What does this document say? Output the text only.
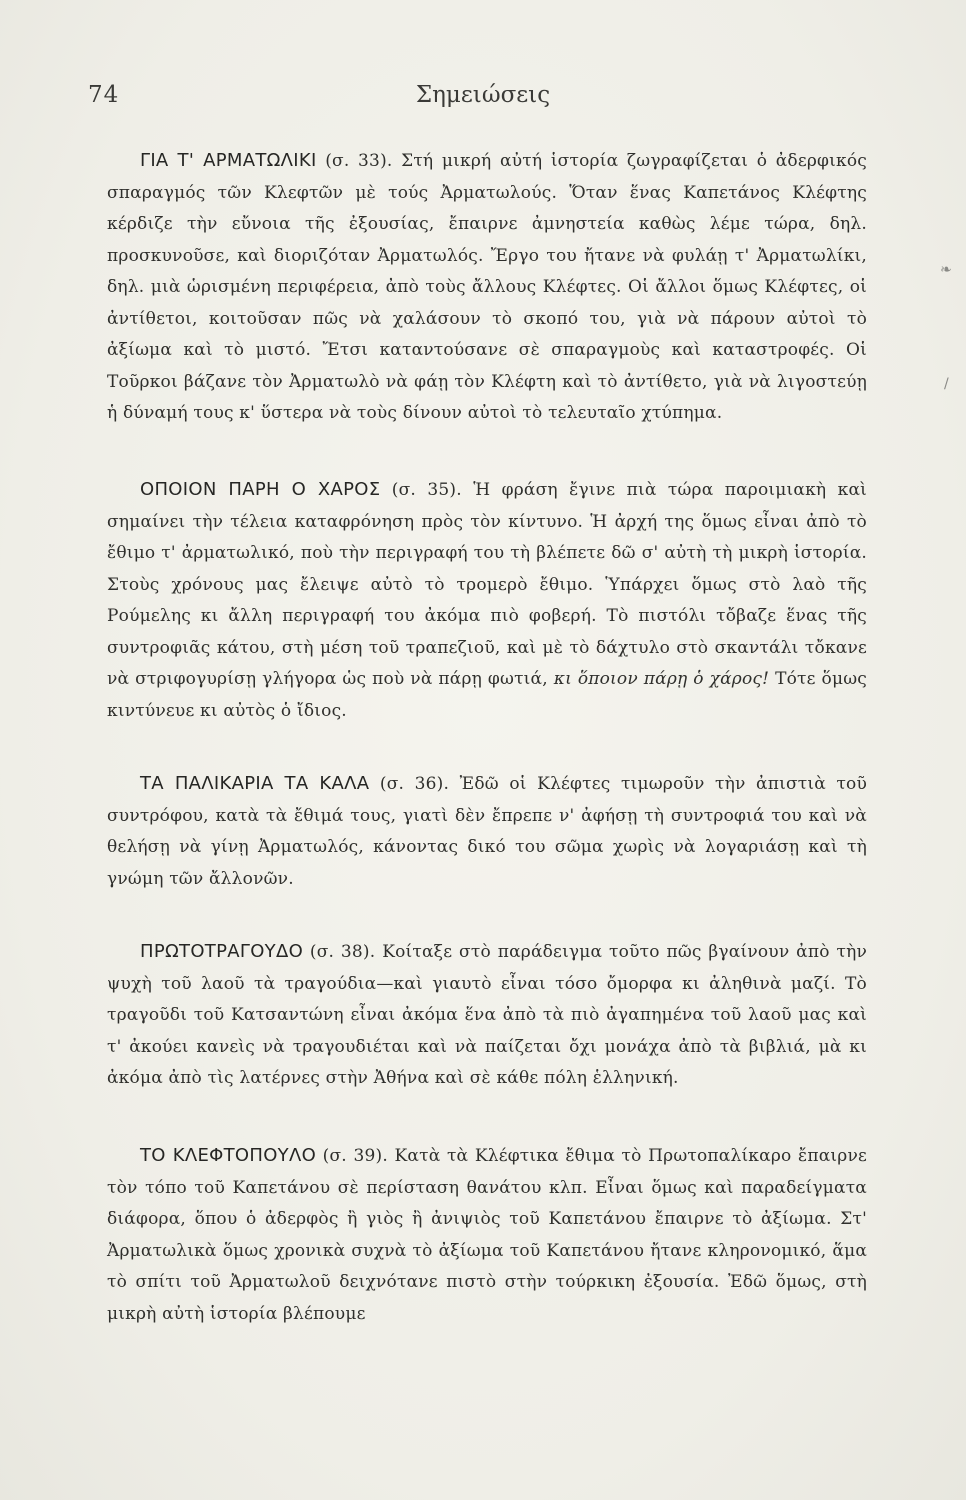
74	Σημειώσεις

ΓΙΑ Τ' ΑΡΜΑΤΩΛΙΚΙ (σ. 33). Στή μικρή αὐτή ἱστορία ζωγραφίζεται ὁ ἀδερφικός σπαραγμός τῶν Κλεφτῶν μὲ τούς Ἀρματωλούς. Ὅταν ἕνας Καπετάνος Κλέφτης κέρδιζε τὴν εὔνοια τῆς ἐξουσίας, ἔπαιρνε ἀμνηστεία καθὼς λέμε τώρα, δηλ. προσκυνοῦσε, καὶ διοριζόταν Ἀρματωλός. Ἔργο του ἤτανε νὰ φυλάῃ τ' Ἀρματωλίκι, δηλ. μιὰ ὡρισμένη περιφέρεια, ἀπὸ τοὺς ἄλλους Κλέφτες. Οἱ ἄλλοι ὅμως Κλέφτες, οἱ ἀντίθετοι, κοιτοῦσαν πῶς νὰ χαλάσουν τὸ σκοπό του, γιὰ νὰ πάρουν αὐτοὶ τὸ ἀξίωμα καὶ τὸ μιστό. Ἔτσι καταντούσανε σὲ σπαραγμοὺς καὶ καταστροφές. Οἱ Τοῦρκοι βάζανε τὸν Ἀρματωλὸ νὰ φάῃ τὸν Κλέφτη καὶ τὸ ἀντίθετο, γιὰ νὰ λιγοστεύῃ ἡ δύναμή τους κ' ὕστερα νὰ τοὺς δίνουν αὐτοὶ τὸ τελευταῖο χτύπημα.

ΟΠΟΙΟΝ ΠΑΡΗ Ο ΧΑΡΟΣ (σ. 35). Ἡ φράση ἔγινε πιὰ τώρα παροιμιακὴ καὶ σημαίνει τὴν τέλεια καταφρόνηση πρὸς τὸν κίντυνο. Ἡ ἀρχή της ὅμως εἶναι ἀπὸ τὸ ἔθιμο τ' ἀρματωλικό, ποὺ τὴν περιγραφή του τὴ βλέπετε δῶ σ' αὐτὴ τὴ μικρὴ ἱστορία. Στοὺς χρόνους μας ἔλειψε αὐτὸ τὸ τρομερὸ ἔθιμο. Ὑπάρχει ὅμως στὸ λαὸ τῆς Ρούμελης κι ἄλλη περιγραφή του ἀκόμα πιὸ φοβερή. Τὸ πιστόλι τὄβαζε ἕνας τῆς συντροφιᾶς κάτου, στὴ μέση τοῦ τραπεζιοῦ, καὶ μὲ τὸ δάχτυλο στὸ σκαντάλι τὄκανε νὰ στριφογυρίσῃ γλήγορα ὡς ποὺ νὰ πάρῃ φωτιά, κι ὅποιον πάρῃ ὁ χάρος! Τότε ὅμως κιντύνευε κι αὐτὸς ὁ ἴδιος.

ΤΑ ΠΑΛΙΚΑΡΙΑ ΤΑ ΚΑΛΑ (σ. 36). Ἐδῶ οἱ Κλέφτες τιμωροῦν τὴν ἀπιστιὰ τοῦ συντρόφου, κατὰ τὰ ἔθιμά τους, γιατὶ δὲν ἔπρεπε ν' ἀφήσῃ τὴ συντροφιά του καὶ νὰ θελήσῃ νὰ γίνῃ Ἀρματωλός, κάνοντας δικό του σῶμα χωρὶς νὰ λογαριάσῃ καὶ τὴ γνώμη τῶν ἄλλονῶν.

ΠΡΩΤΟΤΡΑΓΟΥΔΟ (σ. 38). Κοίταξε στὸ παράδειγμα τοῦτο πῶς βγαίνουν ἀπὸ τὴν ψυχὴ τοῦ λαοῦ τὰ τραγούδια—καὶ γιαυτὸ εἶναι τόσο ὄμορφα κι ἀληθινὰ μαζί. Τὸ τραγοῦδι τοῦ Κατσαντώνη εἶναι ἀκόμα ἕνα ἀπὸ τὰ πιὸ ἀγαπημένα τοῦ λαοῦ μας καὶ τ' ἀκούει κανεὶς νὰ τραγουδιέται καὶ νὰ παίζεται ὄχι μονάχα ἀπὸ τὰ βιβλιά, μὰ κι ἀκόμα ἀπὸ τὶς λατέρνες στὴν Ἀθήνα καὶ σὲ κάθε πόλη ἑλληνική.

ΤΟ ΚΛΕΦΤΟΠΟΥΛΟ (σ. 39). Κατὰ τὰ Κλέφτικα ἔθιμα τὸ Πρωτοπαλίκαρο ἔπαιρνε τὸν τόπο τοῦ Καπετάνου σὲ περίσταση θανάτου κλπ. Εἶναι ὅμως καὶ παραδείγματα διάφορα, ὅπου ὁ ἀδερφὸς ἢ γιὸς ἢ ἀνιψιὸς τοῦ Καπετάνου ἔπαιρνε τὸ ἀξίωμα. Στ' Ἀρματωλικὰ ὅμως χρονικὰ συχνὰ τὸ ἀξίωμα τοῦ Καπετάνου ἤτανε κληρονομικό, ἅμα τὸ σπίτι τοῦ Ἀρματωλοῦ δειχνότανε πιστὸ στὴν τούρκικη ἐξουσία. Ἐδῶ ὅμως, στὴ μικρὴ αὐτὴ ἱστορία βλέπουμε

❧
/
